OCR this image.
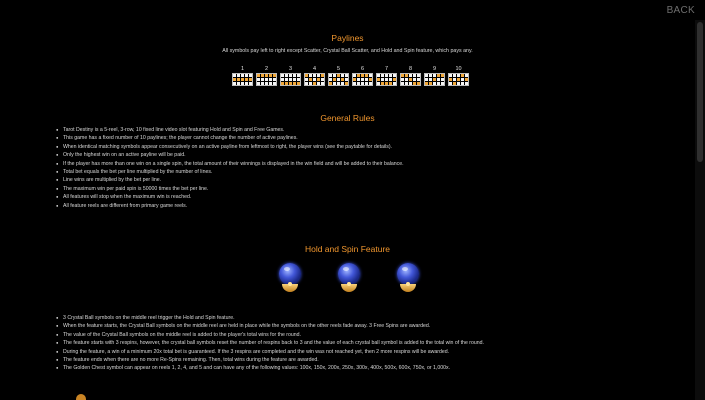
BACK
Paylines

All symbols pay left to right except Scatter, Crystal Ball Scatter, and Hold and Spin feature, which pays any.

1	2	3	4	5	6	7	8	9	10
General Rules
● Tarot Destiny is a 5-reel, 3-row, 10 fixed line video slot featuring Hold and Spin and Free Games.
● This game has a fixed number of 10 paylines; the player cannot change the number of active paylines.
● When identical matching symbols appear consecutively on an active payline from leftmost to right, the player wins (see the paytable for details).
● Only the highest win on an active payline will be paid.
● If the player has more than one win on a single spin, the total amount of their winnings is displayed in the win field and will be added to their balance.
● Total bet equals the bet per line multiplied by the number of lines.
● Line wins are multiplied by the bet per line.
● The maximum win per paid spin is 50000 times the bet per line.
● All features will stop when the maximum win is reached.
● All feature reels are different from primary game reels.
Hold and Spin Feature
● 3 Crystal Ball symbols on the middle reel trigger the Hold and Spin feature.
● When the feature starts, the Crystal Ball symbols on the middle reel are held in place while the symbols on the other reels fade away. 3 Free Spins are awarded.
● The value of the Crystal Ball symbols on the middle reel is added to the player's total wins for the round.
● The feature starts with 3 respins, however, the crystal ball symbols reset the number of respins back to 3 and the value of each crystal ball symbol is added to the total win of the round.
● During the feature, a win of a minimum 20x total bet is guaranteed. If the 3 respins are completed and the win was not reached yet, then 2 more respins will be awarded.
● The feature ends when there are no more Re-Spins remaining. Then, total wins during the feature are awarded.
● The Golden Chest symbol can appear on reels 1, 2, 4, and 5 and can have any of the following values: 100x, 150x, 200x, 250x, 300x, 400x, 500x, 600x, 750x, or 1,000x.
